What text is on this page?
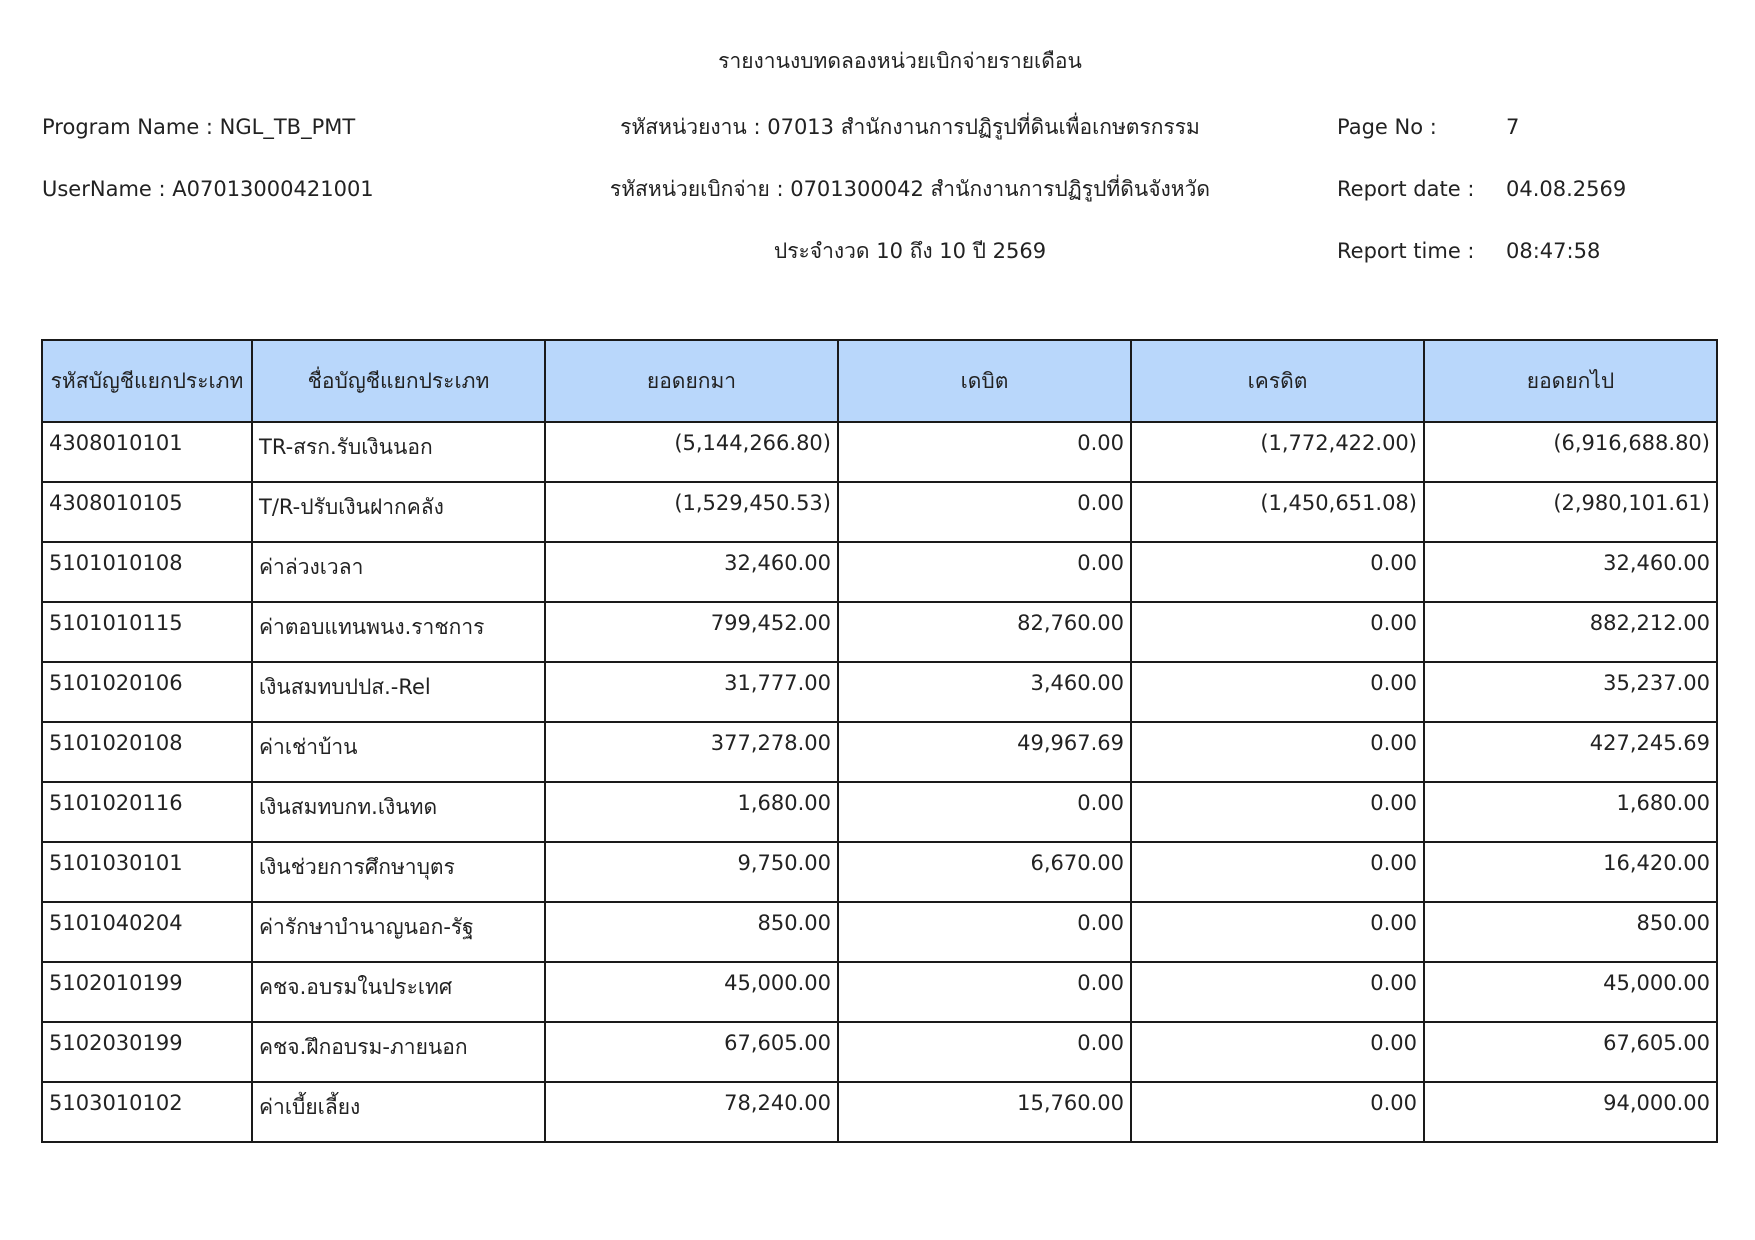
รายงานงบทดลองหน่วยเบิกจ่ายรายเดือน
Program Name : NGL_TB_PMT
UserName : A07013000421001
รหัสหน่วยงาน : 07013 สำนักงานการปฏิรูปที่ดินเพื่อเกษตรกรรม
รหัสหน่วยเบิกจ่าย : 0701300042 สำนักงานการปฏิรูปที่ดินจังหวัด
ประจำงวด 10 ถึง 10 ปี 2569
Page No :	7
Report date : 04.08.2569
Report time : 08:47:58
รหัสบัญชีแยกประเภท	ชื่อบัญชีแยกประเภท	ยอดยกมา	เดบิต	เครดิต	ยอดยกไป
4308010101	TR-สรก.รับเงินนอก	(5,144,266.80)	0.00	(1,772,422.00)	(6,916,688.80)
4308010105	T/R-ปรับเงินฝากคลัง	(1,529,450.53)	0.00	(1,450,651.08)	(2,980,101.61)
5101010108	ค่าล่วงเวลา	32,460.00	0.00	0.00	32,460.00
5101010115	ค่าตอบแทนพนง.ราชการ	799,452.00	82,760.00	0.00	882,212.00
5101020106	เงินสมทบปปส.-Rel	31,777.00	3,460.00	0.00	35,237.00
5101020108	ค่าเช่าบ้าน	377,278.00	49,967.69	0.00	427,245.69
5101020116	เงินสมทบกท.เงินทด	1,680.00	0.00	0.00	1,680.00
5101030101	เงินช่วยการศึกษาบุตร	9,750.00	6,670.00	0.00	16,420.00
5101040204	ค่ารักษาบำนาญนอก-รัฐ	850.00	0.00	0.00	850.00
5102010199	คชจ.อบรมในประเทศ	45,000.00	0.00	0.00	45,000.00
5102030199	คชจ.ฝึกอบรม-ภายนอก	67,605.00	0.00	0.00	67,605.00
5103010102	ค่าเบี้ยเลี้ยง	78,240.00	15,760.00	0.00	94,000.00
